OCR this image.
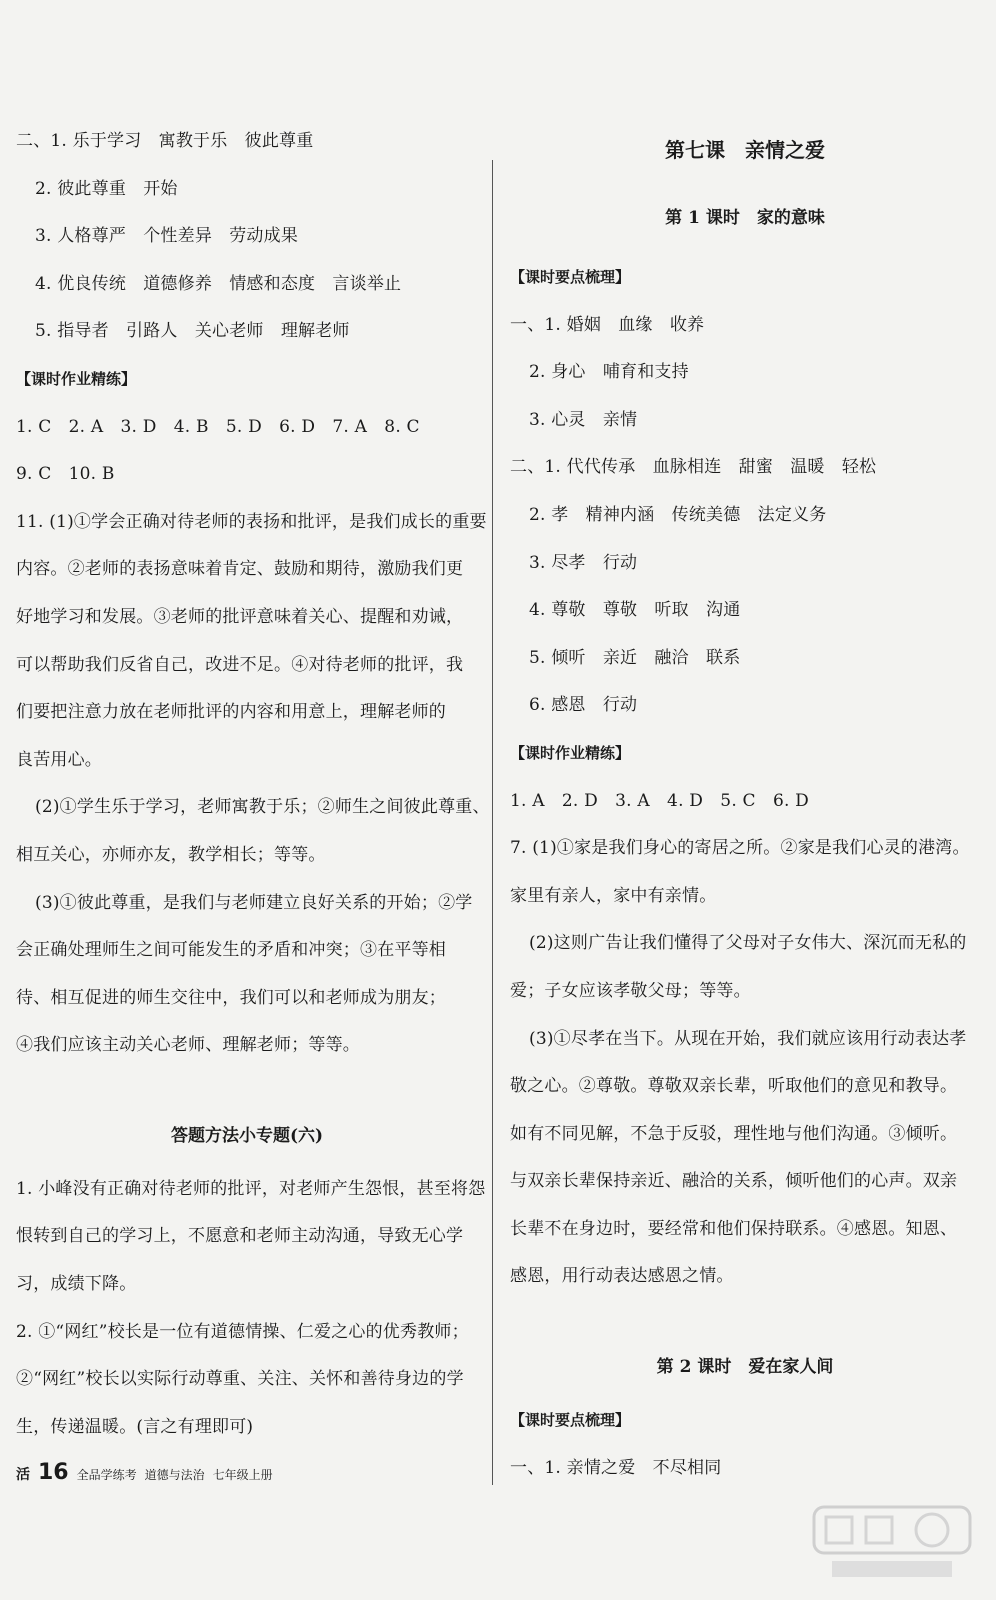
二、1. 乐于学习　寓教于乐　彼此尊重
2. 彼此尊重　开始
3. 人格尊严　个性差异　劳动成果
4. 优良传统　道德修养　情感和态度　言谈举止
5. 指导者　引路人　关心老师　理解老师
【课时作业精练】
1. C　2. A　3. D　4. B　5. D　6. D　7. A　8. C
9. C　10. B
11. (1)①学会正确对待老师的表扬和批评，是我们成长的重要
内容。②老师的表扬意味着肯定、鼓励和期待，激励我们更
好地学习和发展。③老师的批评意味着关心、提醒和劝诫，
可以帮助我们反省自己，改进不足。④对待老师的批评，我
们要把注意力放在老师批评的内容和用意上，理解老师的
良苦用心。
(2)①学生乐于学习，老师寓教于乐；②师生之间彼此尊重、
相互关心，亦师亦友，教学相长；等等。
(3)①彼此尊重，是我们与老师建立良好关系的开始；②学
会正确处理师生之间可能发生的矛盾和冲突；③在平等相
待、相互促进的师生交往中，我们可以和老师成为朋友；
④我们应该主动关心老师、理解老师；等等。
答题方法小专题(六)
1. 小峰没有正确对待老师的批评，对老师产生怨恨，甚至将怨
恨转到自己的学习上，不愿意和老师主动沟通，导致无心学
习，成绩下降。
2. ①“网红”校长是一位有道德情操、仁爱之心的优秀教师；
②“网红”校长以实际行动尊重、关注、关怀和善待身边的学
生，传递温暖。(言之有理即可)
第七课　亲情之爱
第 1 课时　家的意味
【课时要点梳理】
一、1. 婚姻　血缘　收养
2. 身心　哺育和支持
3. 心灵　亲情
二、1. 代代传承　血脉相连　甜蜜　温暖　轻松
2. 孝　精神内涵　传统美德　法定义务
3. 尽孝　行动
4. 尊敬　尊敬　听取　沟通
5. 倾听　亲近　融洽　联系
6. 感恩　行动
【课时作业精练】
1. A　2. D　3. A　4. D　5. C　6. D
7. (1)①家是我们身心的寄居之所。②家是我们心灵的港湾。
家里有亲人，家中有亲情。
(2)这则广告让我们懂得了父母对子女伟大、深沉而无私的
爱；子女应该孝敬父母；等等。
(3)①尽孝在当下。从现在开始，我们就应该用行动表达孝
敬之心。②尊敬。尊敬双亲长辈，听取他们的意见和教导。
如有不同见解，不急于反驳，理性地与他们沟通。③倾听。
与双亲长辈保持亲近、融洽的关系，倾听他们的心声。双亲
长辈不在身边时，要经常和他们保持联系。④感恩。知恩、
感恩，用行动表达感恩之情。
第 2 课时　爱在家人间
【课时要点梳理】
一、1. 亲情之爱　不尽相同
活 16 全品学练考 道德与法治 七年级上册
